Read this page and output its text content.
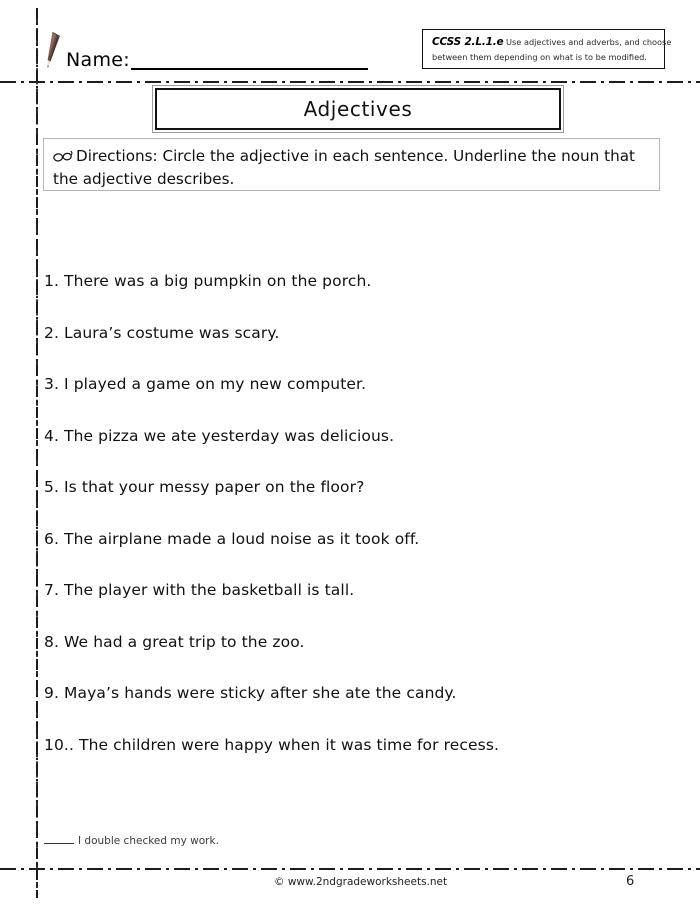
Name:
CCSS 2.L.1.e Use adjectives and adverbs, and choose
between them depending on what is to be modified.
Adjectives
Directions: Circle the adjective in each sentence. Underline the noun that the adjective describes.
1. There was a big pumpkin on the porch.
2. Laura’s costume was scary.
3. I played a game on my new computer.
4. The pizza we ate yesterday was delicious.
5. Is that your messy paper on the floor?
6. The airplane made a loud noise as it took off.
7. The player with the basketball is tall.
8. We had a great trip to the zoo.
9. Maya’s hands were sticky after she ate the candy.
10.. The children were happy when it was time for recess.
I double checked my work.
© www.2ndgradeworksheets.net	6
